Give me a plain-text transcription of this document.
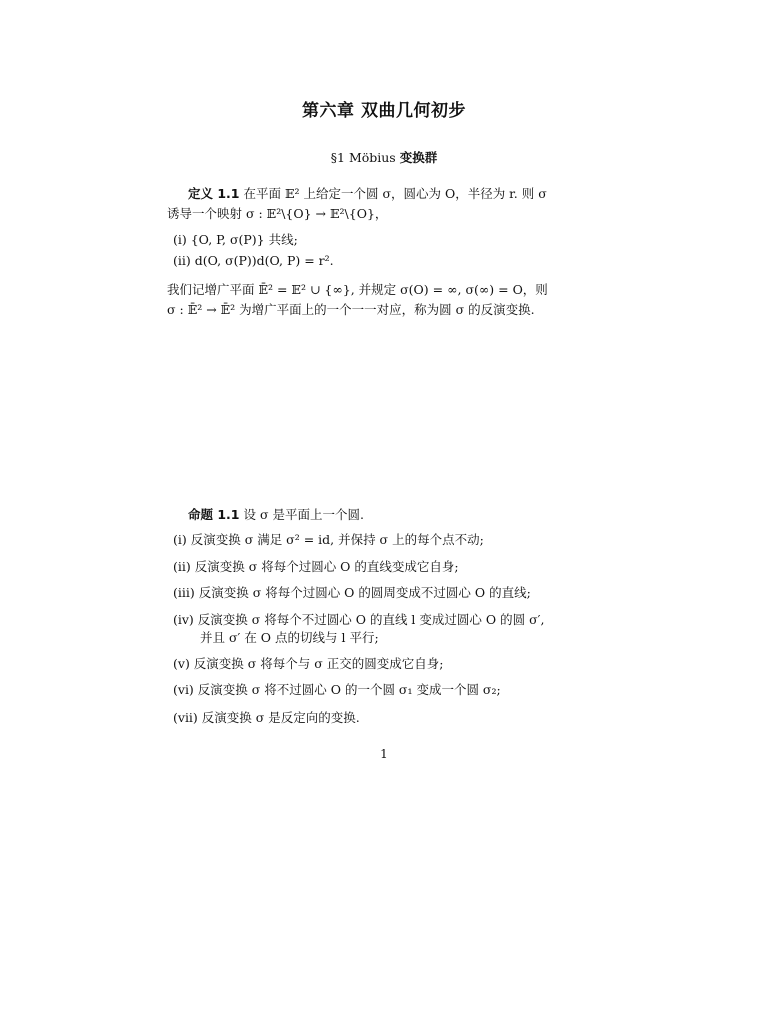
第六章 双曲几何初步
§1 Möbius 变换群
定义 1.1 在平面 𝔼² 上给定一个圆 σ，圆心为 O，半径为 r. 则 σ
诱导一个映射 σ : 𝔼²\{O} → 𝔼²\{O}，
(i) {O, P, σ(P)} 共线;
(ii) d(O, σ(P))d(O, P) = r².
我们记增广平面 𝔼̄² = 𝔼² ∪ {∞}, 并规定 σ(O) = ∞, σ(∞) = O，则
σ : 𝔼̄² → 𝔼̄² 为增广平面上的一个一一对应，称为圆 σ 的反演变换.
命题 1.1 设 σ 是平面上一个圆.
(i) 反演变换 σ 满足 σ² = id, 并保持 σ 上的每个点不动;
(ii) 反演变换 σ 将每个过圆心 O 的直线变成它自身;
(iii) 反演变换 σ 将每个过圆心 O 的圆周变成不过圆心 O 的直线;
(iv) 反演变换 σ 将每个不过圆心 O 的直线 l 变成过圆心 O 的圆 σ′,
并且 σ′ 在 O 点的切线与 l 平行;
(v) 反演变换 σ 将每个与 σ 正交的圆变成它自身;
(vi) 反演变换 σ 将不过圆心 O 的一个圆 σ₁ 变成一个圆 σ₂;
(vii) 反演变换 σ 是反定向的变换.
1
